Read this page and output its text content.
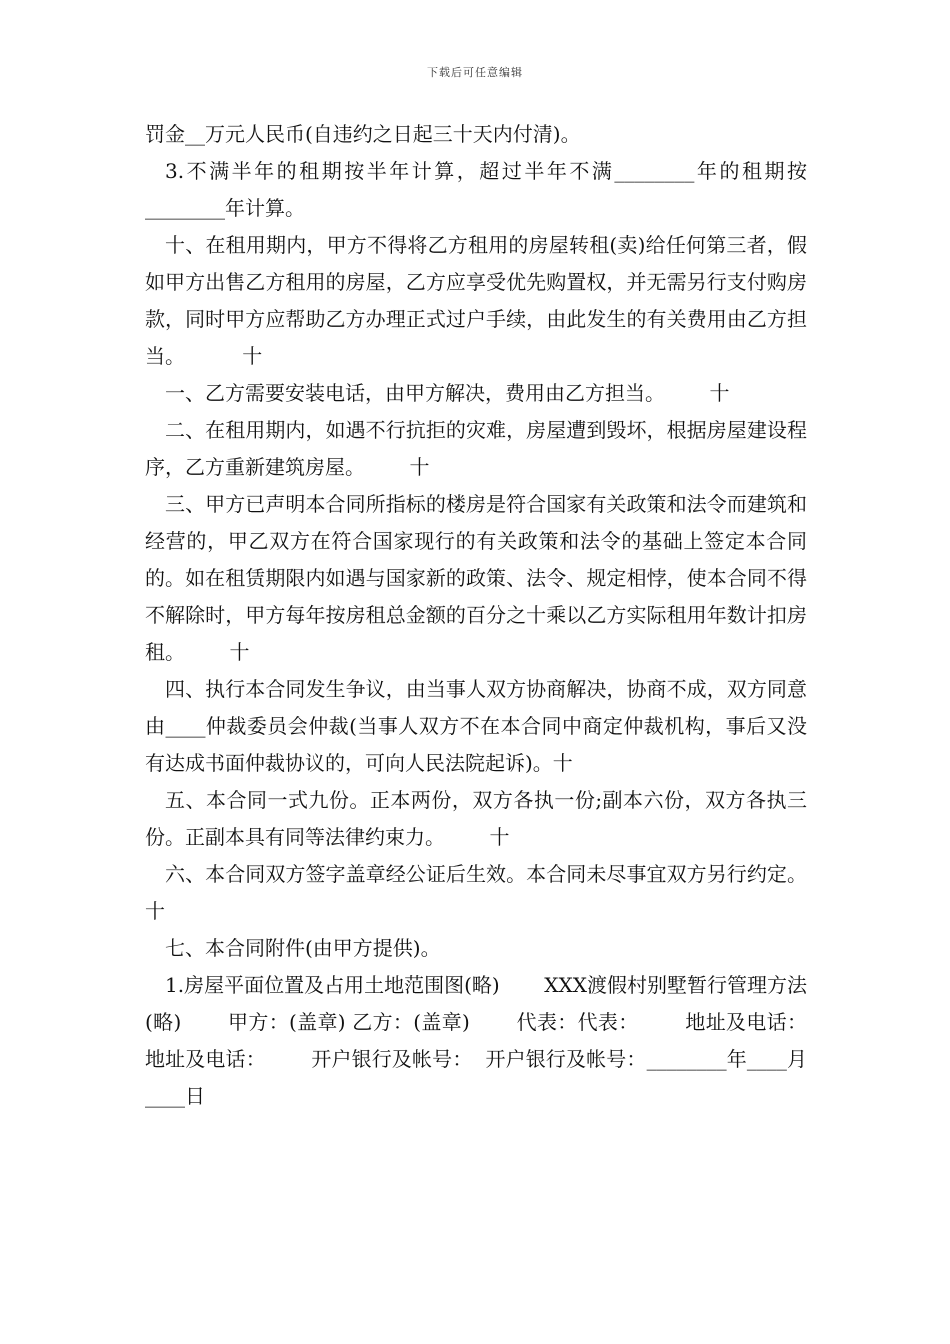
下载后可任意编辑

罚金__万元人民币(自违约之日起三十天内付清)。

3.不满半年的租期按半年计算，超过半年不满________年的租期按________年计算。

十、在租用期内，甲方不得将乙方租用的房屋转租(卖)给任何第三者，假如甲方出售乙方租用的房屋，乙方应享受优先购置权，并无需另行支付购房款，同时甲方应帮助乙方办理正式过户手续，由此发生的有关费用由乙方担当。         十

一、乙方需要安装电话，由甲方解决，费用由乙方担当。       十

二、在租用期内，如遇不行抗拒的灾难，房屋遭到毁坏，根据房屋建设程序，乙方重新建筑房屋。       十

三、甲方已声明本合同所指标的楼房是符合国家有关政策和法令而建筑和经营的，甲乙双方在符合国家现行的有关政策和法令的基础上签定本合同的。如在租赁期限内如遇与国家新的政策、法令、规定相悖，使本合同不得不解除时，甲方每年按房租总金额的百分之十乘以乙方实际租用年数计扣房租。       十

四、执行本合同发生争议，由当事人双方协商解决，协商不成，双方同意由____仲裁委员会仲裁(当事人双方不在本合同中商定仲裁机构，事后又没有达成书面仲裁协议的，可向人民法院起诉)。十

五、本合同一式九份。正本两份，双方各执一份;副本六份，双方各执三份。正副本具有同等法律约束力。       十

六、本合同双方签字盖章经公证后生效。本合同未尽事宜双方另行约定。       十

七、本合同附件(由甲方提供)。

1.房屋平面位置及占用土地范围图(略)       XXX渡假村别墅暂行管理方法(略)       甲方：(盖章) 乙方：(盖章)       代表：代表：       地址及电话：  地址及电话：       开户银行及帐号：  开户银行及帐号：________年____月____日
